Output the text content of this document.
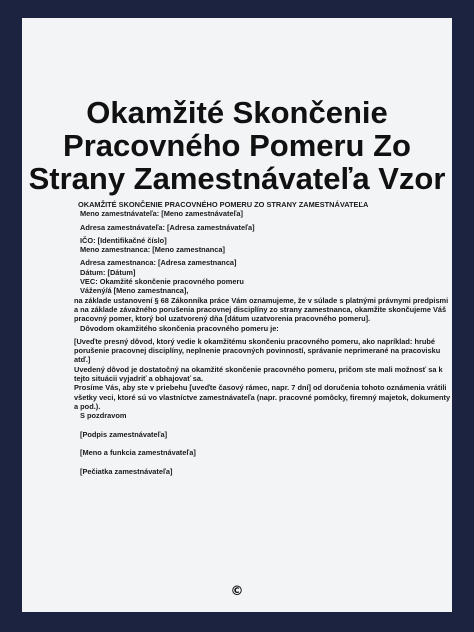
Okamžité Skončenie
Pracovného Pomeru Zo
Strany Zamestnávateľa Vzor
OKAMŽITÉ SKONČENIE PRACOVNÉHO POMERU ZO STRANY ZAMESTNÁVATEĽA
Meno zamestnávateľa: [Meno zamestnávateľa]
Adresa zamestnávateľa: [Adresa zamestnávateľa]
IČO: [Identifikačné číslo]
Meno zamestnanca: [Meno zamestnanca]
Adresa zamestnanca: [Adresa zamestnanca]
Dátum: [Dátum]
VEC: Okamžité skončenie pracovného pomeru
Vážený/á [Meno zamestnanca],
na základe ustanovení § 68 Zákonníka práce Vám oznamujeme, že v súlade s platnými právnymi predpismi
a na základe závažného porušenia pracovnej disciplíny zo strany zamestnanca, okamžite skončujeme Váš
pracovný pomer, ktorý bol uzatvorený dňa [dátum uzatvorenia pracovného pomeru].
Dôvodom okamžitého skončenia pracovného pomeru je:
[Uveďte presný dôvod, ktorý vedie k okamžitému skončeniu pracovného pomeru, ako napríklad: hrubé
porušenie pracovnej disciplíny, neplnenie pracovných povinností, správanie neprimerané na pracovisku
atď.]
Uvedený dôvod je dostatočný na okamžité skončenie pracovného pomeru, pričom ste mali možnosť sa k
tejto situácii vyjadriť a obhajovať sa.
Prosíme Vás, aby ste v priebehu [uveďte časový rámec, napr. 7 dní] od doručenia tohoto oznámenia vrátili
všetky veci, ktoré sú vo vlastníctve zamestnávateľa (napr. pracovné pomôcky, firemný majetok, dokumenty
a pod.).
S pozdravom
[Podpis zamestnávateľa]
[Meno a funkcia zamestnávateľa]
[Pečiatka zamestnávateľa]
©
